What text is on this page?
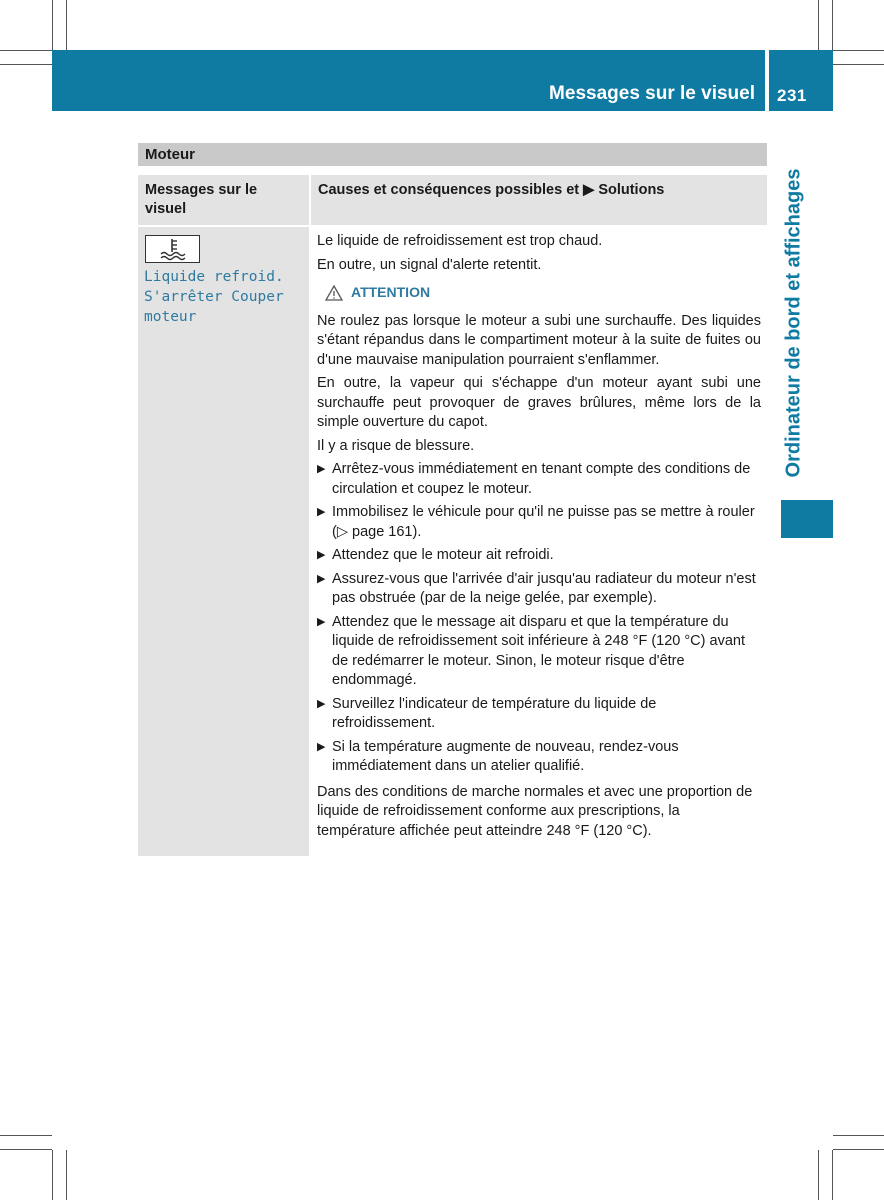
Messages sur le visuel 231
Ordinateur de bord et affichages
Moteur
Messages sur le visuel
Causes et conséquences possibles et ▶ Solutions
Liquide refroid.
S'arrêter Couper
moteur

Le liquide de refroidissement est trop chaud.

En outre, un signal d'alerte retentit.

ATTENTION

Ne roulez pas lorsque le moteur a subi une surchauffe. Des liquides s'étant répandus dans le compartiment moteur à la suite de fuites ou d'une mauvaise manipulation pourraient s'enflammer.

En outre, la vapeur qui s'échappe d'un moteur ayant subi une surchauffe peut provoquer de graves brûlures, même lors de la simple ouverture du capot.

Il y a risque de blessure.

▶ Arrêtez-vous immédiatement en tenant compte des conditions de circulation et coupez le moteur.
▶ Immobilisez le véhicule pour qu'il ne puisse pas se mettre à rouler (▷ page 161).
▶ Attendez que le moteur ait refroidi.
▶ Assurez-vous que l'arrivée d'air jusqu'au radiateur du moteur n'est pas obstruée (par de la neige gelée, par exemple).
▶ Attendez que le message ait disparu et que la température du liquide de refroidissement soit inférieure à 248 °F (120 °C) avant de redémarrer le moteur. Sinon, le moteur risque d'être endommagé.
▶ Surveillez l'indicateur de température du liquide de refroidissement.
▶ Si la température augmente de nouveau, rendez-vous immédiatement dans un atelier qualifié.

Dans des conditions de marche normales et avec une proportion de liquide de refroidissement conforme aux prescriptions, la température affichée peut atteindre 248 °F (120 °C).
